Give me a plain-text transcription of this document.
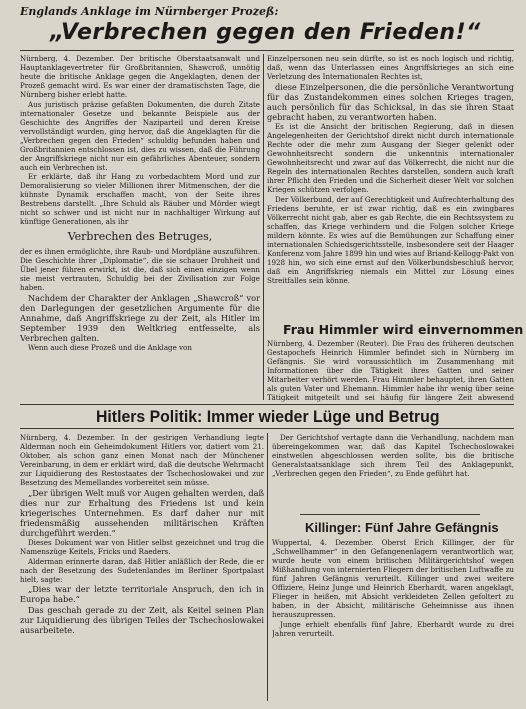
Englands Anklage im Nürnberger Prozeß:
„Verbrechen gegen den Frieden!“

Nürnberg, 4. Dezember. Der britische Oberstaatsanwalt und Hauptanklagevertreter für Großbritannien, Shawcroß, unnötig heute die britische Anklage gegen die Angeklagten, denen der Prozeß gemacht wird. Es war einer der dramatischsten Tage, die Nürnberg bisher erlebt hatte.

Aus juristisch präzise gefaßten Dokumenten, die durch Zitate internationaler Gesetze und bekannte Beispiele aus der Geschichte des Angriffes der Naziparteil und deren Kreise vervollständigt wurden, ging hervor, daß die Angeklagten für die „Verbrechen gegen den Frieden“ schuldig befunden haben und Großbritannien entschlossen ist, dies zu wissen, daß die Führung der Angriffskriege nicht nur ein gefährliches Abenteuer, sondern auch ein Verbrechen ist.

Er erklärte, daß ihr Hang zu vorbedachtem Mord und zur Demoralisierung so vieler Millionen ihrer Mitmenschen, der die kühnste Dynamik erschaffen macht, von der Seite ihres Bestrebens darstellt. „Ihre Schuld als Räuber und Mörder wiegt nicht so schwer und ist nicht nur in nachhaltiger Wirkung auf künftige Generationen, als ihr

Verbrechen des Betruges,

der es ihnen ermöglichte, ihre Raub- und Mordpläne auszuführen. Die Geschichte ihrer „Diplomatie“, die sie schauer Drohheit und Übel jener führen erwirkt, ist die, daß sich einen einzigen wenn sie meist vertrauten, Schuldig bei der Zivilisation zur Folge haben.

Nachdem der Charakter der Anklagen „Shawcroß“ vor den Darlegungen der gesetzlichen Argumente für die Annahme, daß Angriffskriege zu der Zeit, als Hitler im September 1939 den Weltkrieg entfesselte, als Verbrechen galten.

Wenn auch diese Prozeß und die Anklage von

Einzelpersonen neu sein dürfte, so ist es noch logisch und richtig, daß, wenn das Unterlassen eines Angriffskrieges an sich eine Verletzung des Internationalen Rechtes ist,

diese Einzelpersonen, die die persönliche Verantwortung für das Zustandekommen eines solchen Krieges tragen, auch persönlich für das Schicksal, in das sie ihren Staat gebracht haben, zu verantworten haben.

Es ist die Ansicht der britischen Regierung, daß in diesen Angelegenheiten der Gerichtshof direkt nicht durch internationale Rechte oder die mehr zum Ausgang der Sieger gelenkt oder Gewohnheitsrecht sondern die unkenntnis internationaler Gewohnheitsrecht und zwar auf das Völkerrecht, die nicht nur die Regeln des internationalen Rechtes darstellen, sondern auch kraft ihrer Pflicht den Frieden und die Sicherheit dieser Welt vor solchen Kriegen schützen verfolgen.

Der Völkerbund, der auf Gerechtigkeit und Aufrechterhaltung des Friedens beruhte, er ist zwar richtig, daß es ein zwingbares Völkerrecht nicht gab, aber es gab Rechte, die ein Rechtssystem zu schaffen, das Kriege verhindern und die Folgen solcher Kriege mildern könnte. Es wies auf die Bemühungen zur Schaffung einer internationalen Schiedsgerichtsstelle, insbesondere seit der Haager Konferenz vom Jahre 1899 hin und wies auf Briand-Kellogg-Pakt von 1928 hin, wo sich eine ernst auf den Völkerbundsbeschluß hervor, daß ein Angriffskrieg niemals ein Mittel zur Lösung eines Streitfalles sein könne.

Frau Himmler wird einvernommen

Nürnberg, 4. Dezember (Reuter). Die Frau des früheren deutschen Gestapochefs Heinrich Himmler befindet sich in Nürnberg im Gefängnis. Sie wird voraussichtlich im Zusammenhang mit Informationen über die Tätigkeit ihres Gatten und seiner Mitarbeiter verhört werden. Frau Himmler behauptet, ihren Gatten als guten Vater und Ehemann. Himmler habe ihr wenig über seine Tätigkeit mitgeteilt und sei häufig für längere Zeit abwesend

Hitlers Politik: Immer wieder Lüge und Betrug

Nürnberg, 4. Dezember. In der gestrigen Verhandlung legte Alderman noch ein Geheimdokument Hitlers vor, datiert vom 21. Oktober, als schon ganz einen Monat nach der Münchener Vereinbarung, in dem er erklärt wird, daß die deutsche Wehrmacht zur Liquidierung des Restostaates der Tschechoslowakei und zur Besetzung des Memellandes vorbereitet sein müsse.

„Der übrigen Welt muß vor Augen gehalten werden, daß dies nur zur Erhaltung des Friedens ist und kein kriegerisches Unternehmen. Es darf daher nur mit friedensmäßig aussehenden militärischen Kräften durchgeführt werden.“

Dieses Dokument war von Hitler selbst gezeichnet und trug die Namenszüge Keitels, Fricks und Raeders.

Alderman erinnerte daran, daß Hitler anläßlich der Rede, die er nach der Besetzung des Sudetenlandes im Berliner Sportpalast hielt, sagte:

„Dies war der letzte territoriale Anspruch, den ich in Europa habe.“

Das geschah gerade zu der Zeit, als Keitel seinen Plan zur Liquidierung des übrigen Teiles der Tschechoslowakei ausarbeitete.

Der Gerichtshof vertagte dann die Verhandlung, nachdem man übereingekommen war, daß das Kapitel Tschechoslowakei einstweilen abgeschlossen werden sollte, bis die britische Generalstaatsanklage sich ihrem Teil des Anklagepunkt, „Verbrechen gegen den Frieden“, zu Ende geführt hat.

Killinger: Fünf Jahre Gefängnis

Wuppertal, 4. Dezember. Oberst Erich Killinger, der für „Schwellhammer“ in den Gefangenenlagern verantwortlich war, wurde heute von einem britischen Militärgerichtshof wegen Mißhandlung von internierten Fliegern der britischen Luftwaffe zu fünf Jahren Gefängnis verurteilt. Killinger und zwei weitere Offiziere, Heinz Junge und Heinrich Eberhardt, waren angeklagt, Flieger in heißen, mit Absicht verkleideten Zellen gefoltert zu haben, in der Absicht, militärische Geheimnisse aus ihnen herauszupressen.

Junge erhielt ebenfalls fünf Jahre, Eberhardt wurde zu drei Jahren verurteilt.
